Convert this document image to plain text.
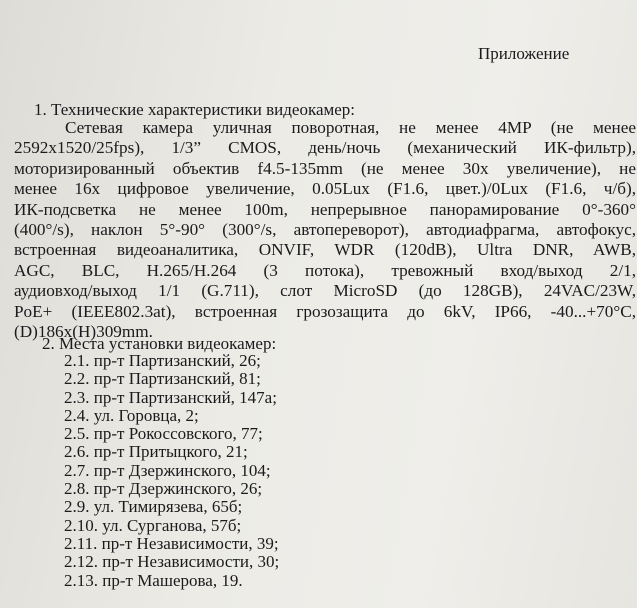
Приложение
1. Технические характеристики видеокамер:
Сетевая камера уличная поворотная, не менее 4MP (не менее
2592x1520/25fps), 1/3” CMOS, день/ночь (механический ИК-фильтр),
моторизированный объектив f4.5-135mm (не менее 30x увеличение), не
менее 16x цифровое увеличение, 0.05Lux (F1.6, цвет.)/0Lux (F1.6, ч/б),
ИК-подсветка не менее 100m, непрерывное панорамирование 0°-360°
(400°/s), наклон 5°-90° (300°/s, автопереворот), автодиафрагма, автофокус,
встроенная видеоаналитика, ONVIF, WDR (120dB), Ultra DNR, AWB,
AGC, BLC, H.265/H.264 (3 потока), тревожный вход/выход 2/1,
аудиовход/выход 1/1 (G.711), слот MicroSD (до 128GB), 24VAC/23W,
PoE+ (IEEE802.3at), встроенная грозозащита до 6kV, IP66, -40...+70°C,
(D)186x(H)309mm.
2. Места установки видеокамер:
2.1. пр-т Партизанский, 26;
2.2. пр-т Партизанский, 81;
2.3. пр-т Партизанский, 147а;
2.4. ул. Горовца, 2;
2.5. пр-т Рокоссовского, 77;
2.6. пр-т Притыцкого, 21;
2.7. пр-т Дзержинского, 104;
2.8. пр-т Дзержинского, 26;
2.9. ул. Тимирязева, 65б;
2.10. ул. Сурганова, 57б;
2.11. пр-т Независимости, 39;
2.12. пр-т Независимости, 30;
2.13. пр-т Машерова, 19.
